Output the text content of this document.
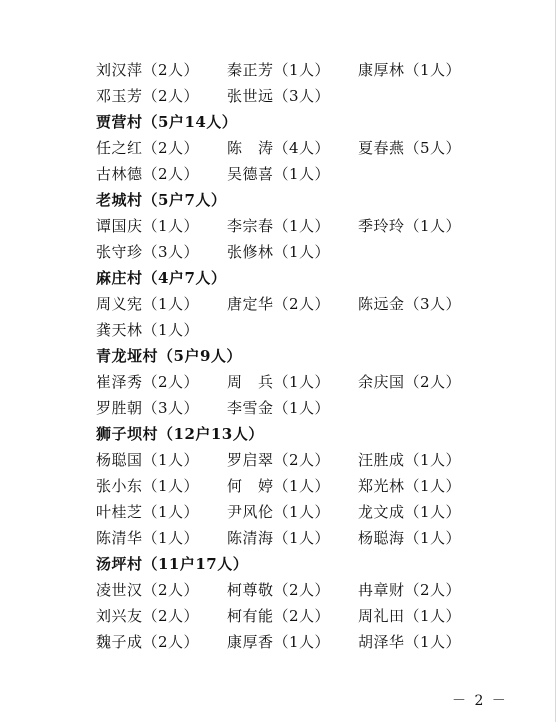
刘汉萍（2人）	秦正芳（1人）	康厚林（1人）
邓玉芳（2人）	张世远（3人）
贾营村（5户14人）
任之红（2人）	陈　涛（4人）	夏春燕（5人）
古林德（2人）	吴德喜（1人）
老城村（5户7人）
谭国庆（1人）	李宗春（1人）	季玲玲（1人）
张守珍（3人）	张修林（1人）
麻庄村（4户7人）
周义宪（1人）	唐定华（2人）	陈远金（3人）
龚天林（1人）
青龙垭村（5户9人）
崔泽秀（2人）	周　兵（1人）	余庆国（2人）
罗胜朝（3人）	李雪金（1人）
狮子坝村（12户13人）
杨聪国（1人）	罗启翠（2人）	汪胜成（1人）
张小东（1人）	何　婷（1人）	郑光林（1人）
叶桂芝（1人）	尹风伦（1人）	龙文成（1人）
陈清华（1人）	陈清海（1人）	杨聪海（1人）
汤坪村（11户17人）
凌世汉（2人）	柯尊敬（2人）	冉章财（2人）
刘兴友（2人）	柯有能（2人）	周礼田（1人）
魏子成（2人）	康厚香（1人）	胡泽华（1人）
－ 2 －
